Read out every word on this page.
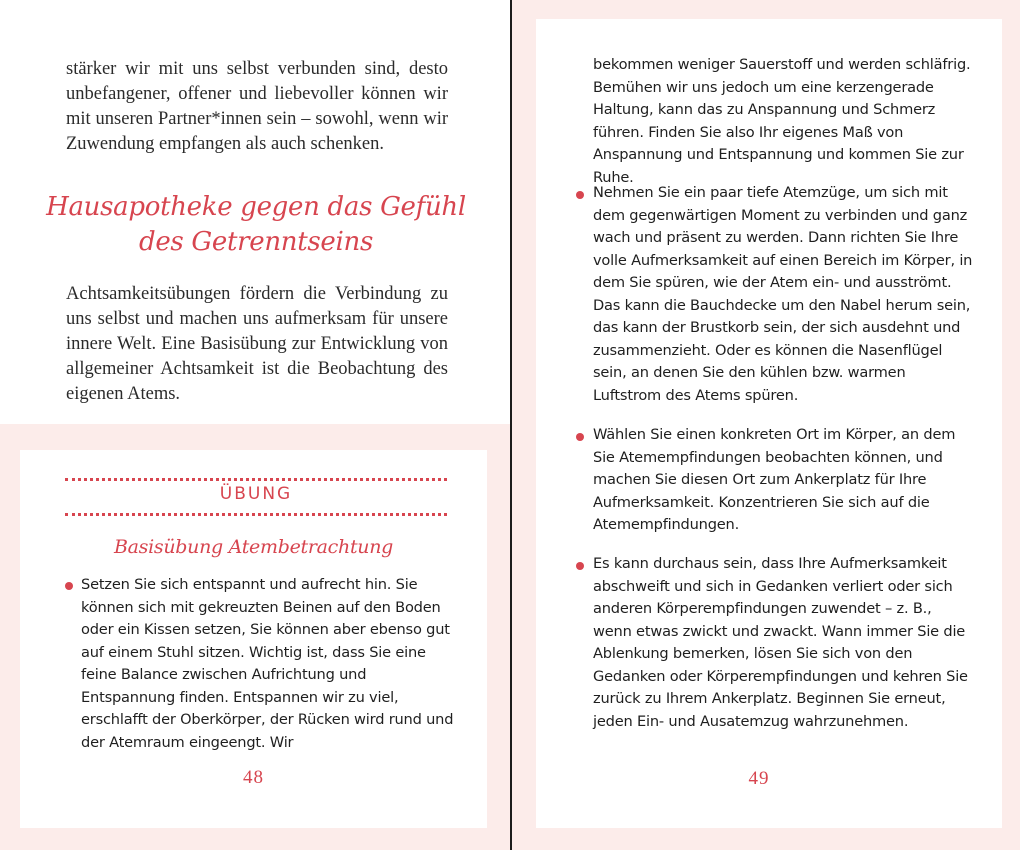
stärker wir mit uns selbst verbunden sind, desto unbefangener, offener und liebevoller können wir mit unseren Partner*innen sein – sowohl, wenn wir Zuwendung empfangen als auch schenken.

Hausapotheke gegen das Gefühl
des Getrenntseins

Achtsamkeitsübungen fördern die Verbindung zu uns selbst und machen uns aufmerksam für unsere innere Welt. Eine Basisübung zur Entwicklung von allgemeiner Achtsamkeit ist die Beobachtung des eigenen Atems.

ÜBUNG
Basisübung Atembetrachtung
Setzen Sie sich entspannt und aufrecht hin. Sie können sich mit gekreuzten Beinen auf den Boden oder ein Kissen setzen, Sie können aber ebenso gut auf einem Stuhl sitzen. Wichtig ist, dass Sie eine feine Balance zwischen Aufrichtung und Entspannung finden. Entspannen wir zu viel, erschlafft der Oberkörper, der Rücken wird rund und der Atemraum eingeengt. Wir
48
bekommen weniger Sauerstoff und werden schläfrig. Bemühen wir uns jedoch um eine kerzengerade Haltung, kann das zu Anspannung und Schmerz führen. Finden Sie also Ihr eigenes Maß von Anspannung und Entspannung und kommen Sie zur Ruhe.
Nehmen Sie ein paar tiefe Atemzüge, um sich mit dem gegenwärtigen Moment zu verbinden und ganz wach und präsent zu werden. Dann richten Sie Ihre volle Aufmerksamkeit auf einen Bereich im Körper, in dem Sie spüren, wie der Atem ein- und ausströmt. Das kann die Bauchdecke um den Nabel herum sein, das kann der Brustkorb sein, der sich ausdehnt und zusammenzieht. Oder es können die Nasenflügel sein, an denen Sie den kühlen bzw. warmen Luftstrom des Atems spüren.
Wählen Sie einen konkreten Ort im Körper, an dem Sie Atemempfindungen beobachten können, und machen Sie diesen Ort zum Ankerplatz für Ihre Aufmerksamkeit. Konzentrieren Sie sich auf die Atemempfindungen.
Es kann durchaus sein, dass Ihre Aufmerksamkeit abschweift und sich in Gedanken verliert oder sich anderen Körperempfindungen zuwendet – z. B., wenn etwas zwickt und zwackt. Wann immer Sie die Ablenkung bemerken, lösen Sie sich von den Gedanken oder Körperempfindungen und kehren Sie zurück zu Ihrem Ankerplatz. Beginnen Sie erneut, jeden Ein- und Ausatemzug wahrzunehmen.
49
